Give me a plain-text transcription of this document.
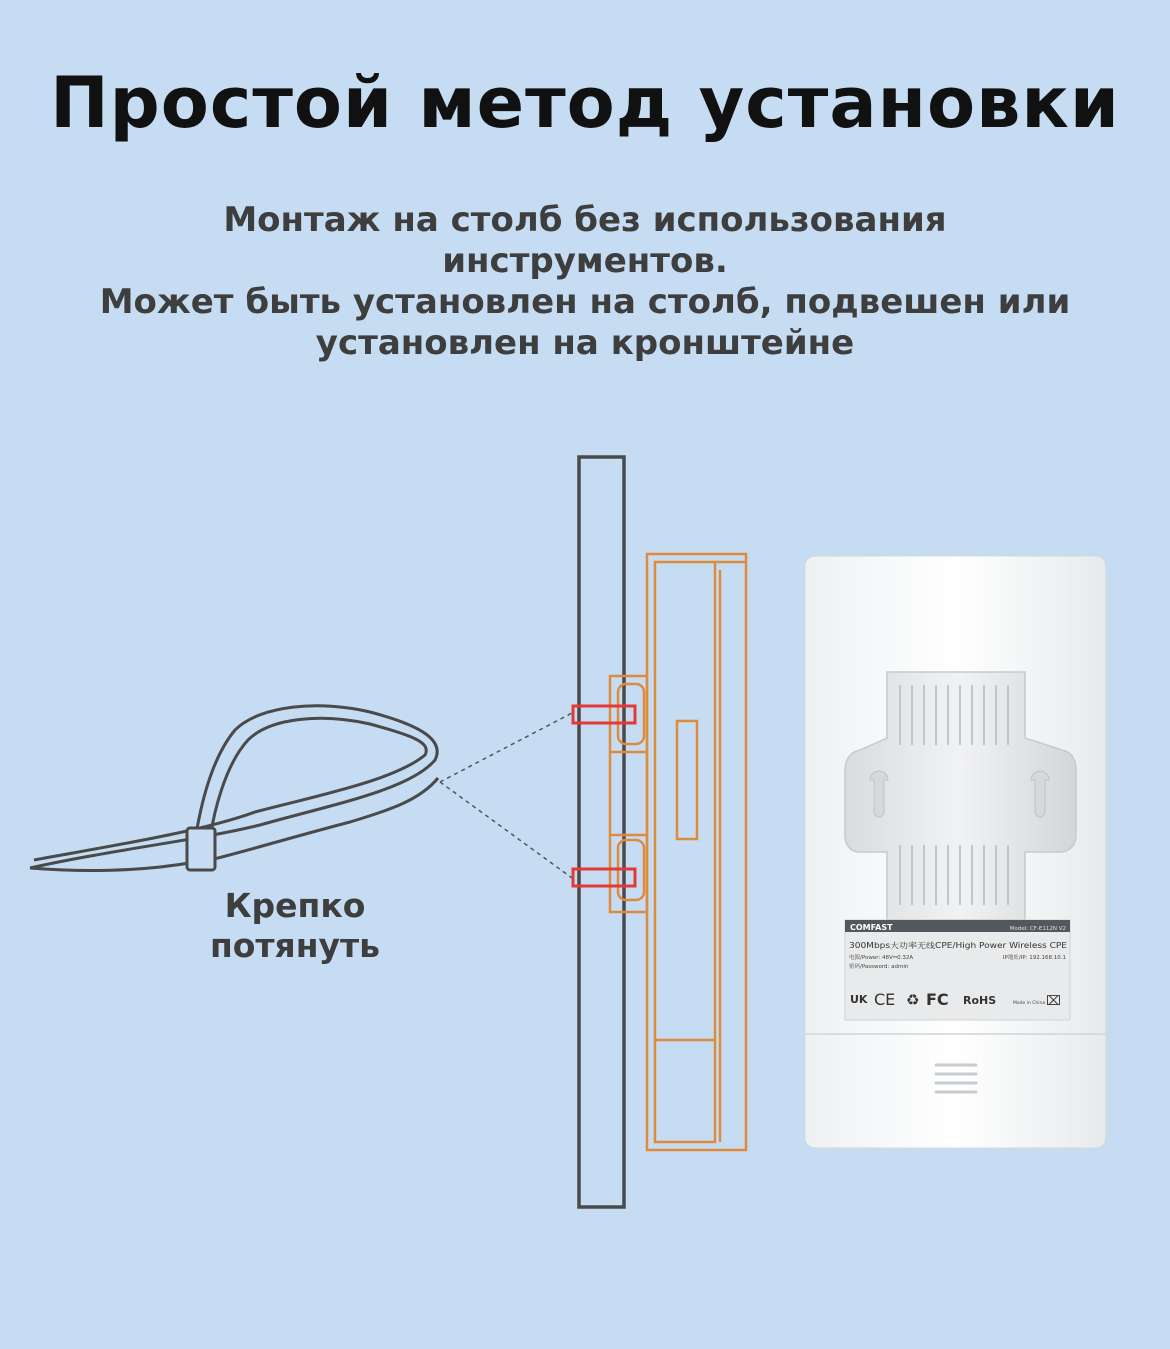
Простой метод установки
Монтаж на столб без использования
инструментов.
Может быть установлен на столб, подвешен или
установлен на кронштейне
COMFAST	Model: CF-E112N V2
300Mbps大功率无线CPE/High Power Wireless CPE
电源/Power: 48V⎓0.32A	IP地址/IP: 192.168.10.1
密码/Password: admin
UK CE ♻ FC RoHS	Made in China ⌧
Крепко
потянуть
